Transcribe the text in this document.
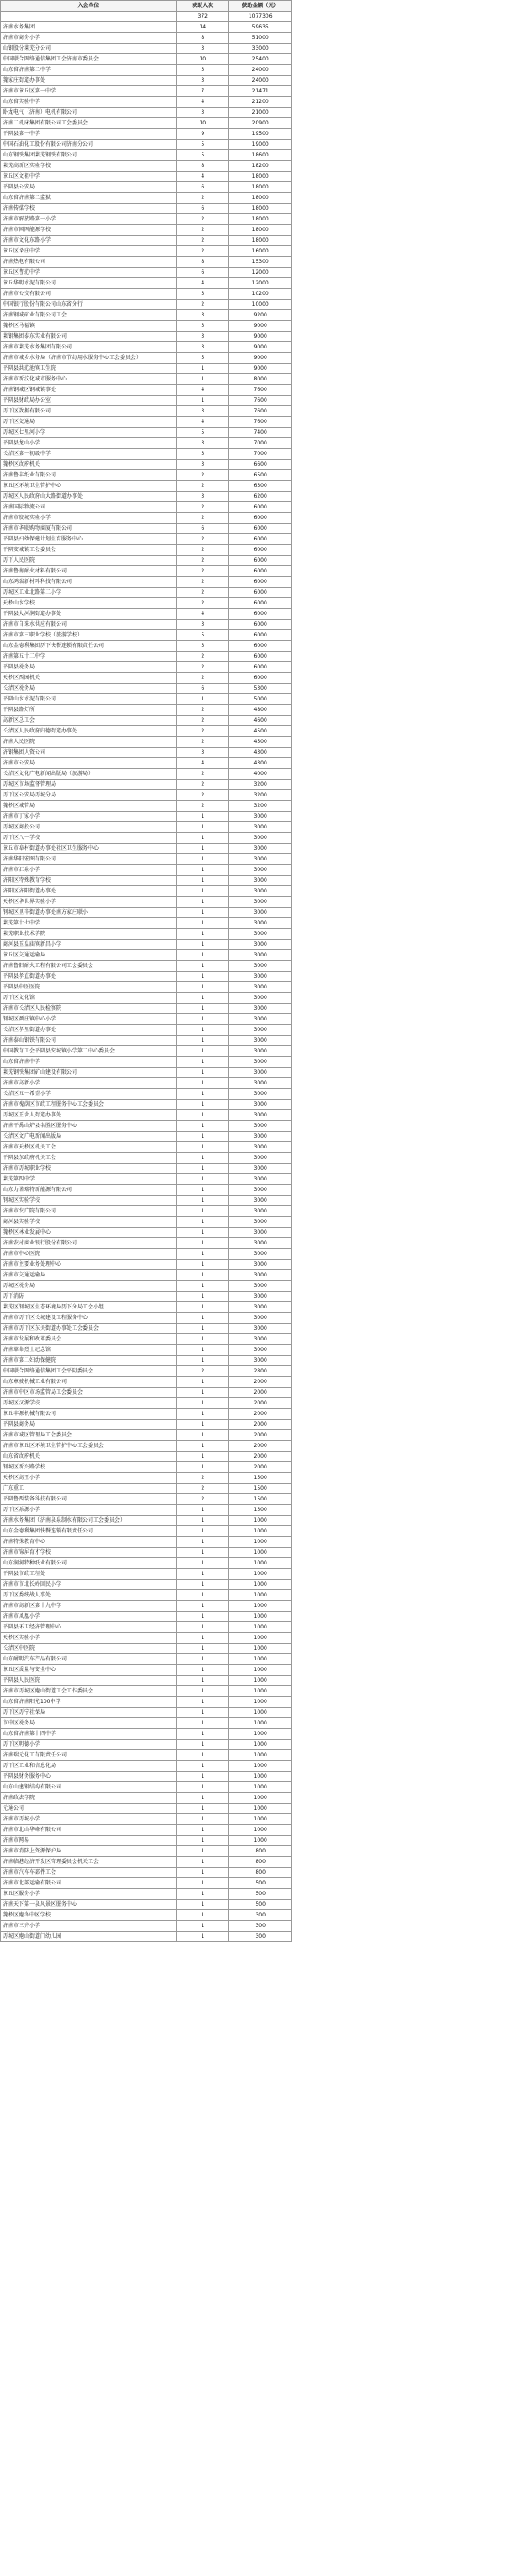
入会单位	获助人次	获助金额（元）
	372	1077306
济南水务集团	14	59635
济南市商务小学	8	51000
山钢股份莱芜分公司	3	33000
中国联合网络通信集团工会济南市委员会	10	25400
山东省济南第二中学	3	24000
魏家庄街道办事处	3	24000
济南市章丘区第一中学	7	21471
山东省实验中学	4	21200
卧龙电气（济南）电机有限公司	3	21000
济南二机床集团有限公司工会委员会	10	20900
平阴县第一中学	9	19500
中国石油化工股份有限公司济南分公司	5	19000
山东钢铁集团莱芜钢铁有限公司	5	18600
莱芜高新区实验学校	8	18200
章丘区文祖中学	4	18000
平阴县公安局	6	18000
山东省济南第二监狱	2	18000
济南传媒学校	6	18000
济南市解放路第一小学	2	18000
济南市国网能源学校	2	18000
济南市文化东路小学	2	18000
章丘区垛庄中学	2	16000
济南热电有限公司	8	15300
章丘区曹范中学	6	12000
章丘华明水泥有限公司	4	12000
济南市公交有限公司	3	10200
中国银行股份有限公司山东省分行	2	10000
济南钢城矿业有限公司工会	3	9200
魏桥区马福镇	3	9000
莱钢集团泰东实业有限公司	3	9000
济南市莱芜水务集团有限公司	3	9000
济南市城乡水务局（济南市节约用水服务中心工会委员会）	5	9000
平阴县洪范池镇卫生院	1	9000
济南市新汶化城市服务中心	1	8000
济南钢城区钢城镇事处	4	7600
平阴县财政局办公室	1	7600
历下区数据有限公司	3	7600
历下区交通局	4	7600
历城区七里河小学	5	7400
平阴县龙山小学	3	7000
长清区第一初级中学	3	7000
魏桥区政府机关	3	6600
济南鲁丰纸业有限公司	2	6500
章丘区环境卫生管护中心	2	6300
历城区人民政府山大路街道办事处	3	6200
济南国际物流公司	2	6000
济南市胶城实验小学	2	6000
济南市华联购物商厦有限公司	6	6000
平阴县妇幼保健计划生育服务中心	2	6000
平阴安城镇工会委员会	2	6000
历下人民医院	2	6000
济南鲁南耐火材料有限公司	2	6000
山东鸿瑞新材料科技有限公司	2	6000
历城区工业北路第二小学	2	6000
天桥山水学校	2	6000
平阴县大河涧街道办事处	4	6000
济南市自来水供应有限公司	3	6000
济南市第三职业学校（旅游学校）	5	6000
山东金德利集团历下快餐连锁有限责任公司	3	6000
济南第五十二中学	2	6000
平阴县税务局	2	6000
天桥区西园机关	2	6000
长清区税务局	6	5300
平阴山水水泥有限公司	1	5000
平阴县路灯所	2	4800
高新区总工会	2	4600
长清区人民政府归德街道办事处	2	4500
济南人民医院	2	4500
济钢集团人资公司	3	4300
济南市公安局	4	4300
长清区文化广电新闻出版局（旅游局）	2	4000
历城区市场监督管理局	2	3200
历下区公安局历城分局	2	3200
魏桥区城管局	2	3200
济南市丁家小学	1	3000
历城区商投公司	1	3000
历下区八一学校	1	3000
章丘市埠村街道办事处社区卫生服务中心	1	3000
济南华阳宏图有限公司	1	3000
济南市汇泉小学	1	3000
济阳区特殊教育学校	1	3000
济阳区济阳街道办事处	1	3000
天桥区华世界实验小学	1	3000
钢城区里辛街道办事处南方家庄联小	1	3000
莱芜第十七中学	1	3000
莱芜职业技术学院	1	3000
商河县玉皇庙镇新昌小学	1	3000
章丘区交通运输局	1	3000
济南鲁阳耐火工程有限公司工会委员会	1	3000
平阴县孝直街道办事处	1	3000
平阴县中医医院	1	3000
历下区文化馆	1	3000
济南市长清区人民检察院	1	3000
钢城区颜庄镇中心小学	1	3000
长清区孝里街道办事处	1	3000
济南泰山钢铁有限公司	1	3000
中国教育工会平阴县安城镇小学第二中心委员会	1	3000
山东省济南中学	1	3000
莱芜钢铁集团矿山建设有限公司	1	3000
济南市高新小学	1	3000
长清区五一希望小学	1	3000
济南市槐荫区市政工程服务中心工会委员会	1	3000
历城区王舍人街道办事处	1	3000
济南平禹山炉县名胜区服务中心	1	3000
长清区文广电新闻出版局	1	3000
济南市天桥区机关工会	1	3000
平阴县东政府机关工会	1	3000
济南市历城职业学校	1	3000
莱芜第四中学	1	3000
山东力诺瑞特新能源有限公司	1	3000
钢城区实验学校	1	3000
济南市农广院有限公司	1	3000
商河县实验学校	1	3000
魏桥区林业发展中心	1	3000
济南农村商业银行股份有限公司	1	3000
济南市中心医院	1	3000
济南市主要业务处理中心	1	3000
济南市交通运输局	1	3000
历城区税务局	1	3000
历下消防	1	3000
莱芜区钢城区生态环境局历下分局工会小组	1	3000
济南市历下区长城建设工程服务中心	1	3000
济南市历下区东关街道办事处工会委员会	1	3000
济南市发展和改革委员会	1	3000
济南革命烈士纪念馆	1	3000
济南市第二妇幼保健院	1	3000
中国联合网络通信集团工会平阴委员会	2	2800
山东章鼓机械工业有限公司	1	2000
济南市中区市场监管局工会委员会	1	2000
历城区汉源学校	1	2000
章丘丰源机械有限公司	1	2000
平阴县商务局	1	2000
济南市城区管理局工会委员会	1	2000
济南市章丘区环境卫生管护中心工会委员会	1	2000
山东省政府机关	1	2000
钢城区新兴路学校	1	2000
天桥区高王小学	2	1500
广东重工	2	1500
平阴鲁西装备科技有限公司	2	1500
历下区泺源小学	1	1300
济南水务集团（济南泉泉制水有限公司工会委员会）	1	1000
山东金德利集团快餐连锁有限责任公司	1	1000
济南特殊教育中心	1	1000
济南市锦屏育才学校	1	1000
山东润润特种纸业有限公司	1	1000
平阴县市政工程处	1	1000
济南市市北长岭回民小学	1	1000
历下区委统战人事处	1	1000
济南市高新区第十九中学	1	1000
济南市凤凰小学	1	1000
平阴县环卫经济管理中心	1	1000
天桥区实验小学	1	1000
长清区中医院	1	1000
山东耐明汽车产品有限公司	1	1000
章丘区质量与安全中心	1	1000
平阴县人民医院	1	1000
济南市历城区鲍山街道工会工作委员会	1	1000
山东省济南阳光100中学	1	1000
历下区历宁社保局	1	1000
市中区税务局	1	1000
山东省济南第十四中学	1	1000
历下区明德小学	1	1000
济南瑞元化工有限责任公司	1	1000
历下区工业和信息化局	1	1000
平阴县财务服务中心	1	1000
山东山建钢结构有限公司	1	1000
济南政法学院	1	1000
元通公司	1	1000
济南市历城小学	1	1000
济南市北山华峰有限公司	1	1000
济南市网易	1	1000
济南市消防上资源保护局	1	800
济南临港经济开发区管理委员会机关工会	1	800
济南市汽车车部件工会	1	800
济南市北部运输有限公司	1	500
章丘区服务小学	1	500
济南天下第一泉风景区服务中心	1	500
魏桥区鲍冬中区学校	1	300
济南市三齐小学	1	300
历城区鲍山街道门幼儿园	1	300
